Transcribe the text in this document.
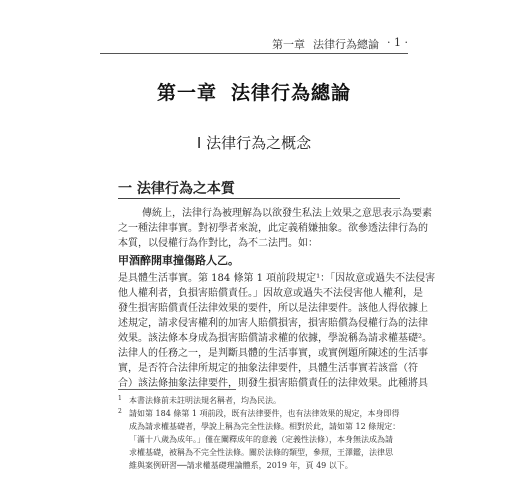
第一章 法律行為總論 · 1 ·
第一章 法律行為總論
I 法律行為之概念
一 法律行為之本質
傳統上，法律行為被理解為以欲發生私法上效果之意思表示為要素
之一種法律事實。對初學者來說，此定義稍嫌抽象。欲參透法律行為的
本質，以侵權行為作對比，為不二法門。如：
甲酒醉開車撞傷路人乙。
是具體生活事實。第 184 條第 1 項前段規定¹：「因故意或過失不法侵害
他人權利者，負損害賠償責任。」因故意或過失不法侵害他人權利，是
發生損害賠償責任法律效果的要件，所以是法律要件。該他人得依據上
述規定，請求侵害權利的加害人賠償損害，損害賠償為侵權行為的法律
效果。該法條本身成為損害賠償請求權的依據，學說稱為請求權基礎²。
法律人的任務之一，是判斷具體的生活事實，或實例題所陳述的生活事
實，是否符合法律所規定的抽象法律要件，具體生活事實若該當（符
合）該法條抽象法律要件，則發生損害賠償責任的法律效果。此種將具
1 本書法條前未註明法規名稱者，均為民法。
2 請如第 184 條第 1 項前段，既有法律要件，也有法律效果的規定，本身即得
成為請求權基礎者，學說上稱為完全性法條。相對於此，請如第 12 條規定：
「滿十八歲為成年。」僅在闡釋成年的意義（定義性法條），本身無法成為請
求權基礎，被稱為不完全性法條。關於法條的類型，參照，王澤鑑，法律思
維與案例研習──請求權基礎理論體系，2019 年，頁 49 以下。
